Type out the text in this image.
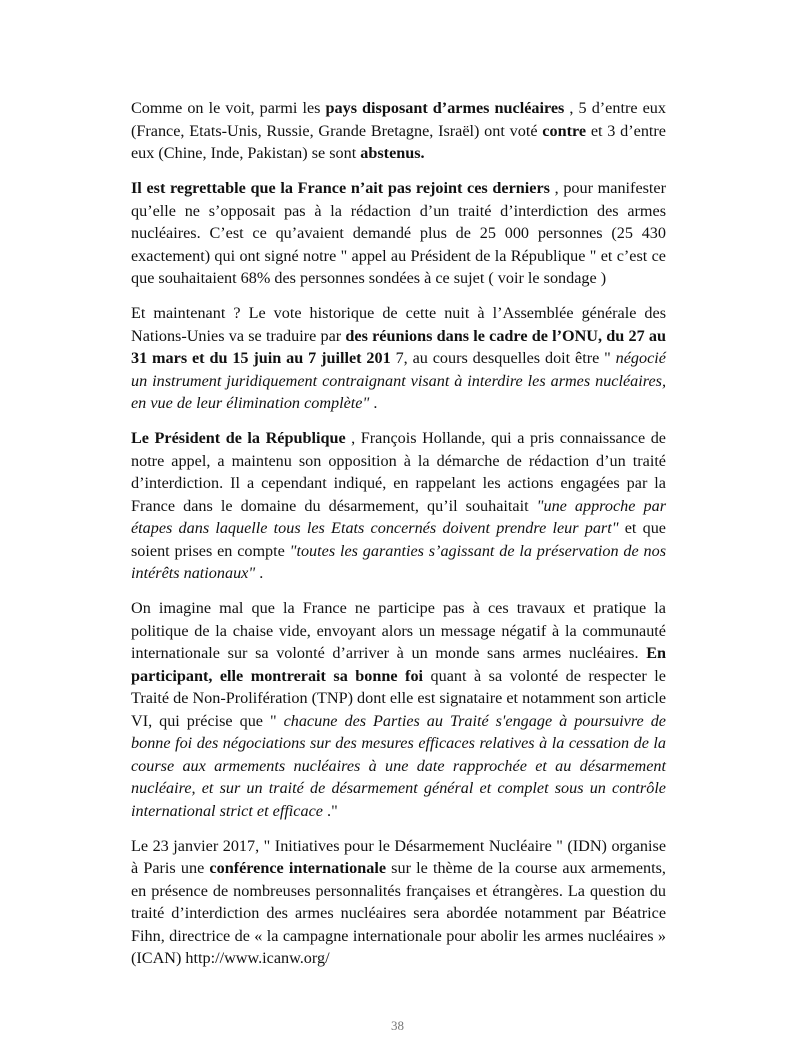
Comme on le voit, parmi les pays disposant d’armes nucléaires , 5 d’entre eux (France, Etats-Unis, Russie, Grande Bretagne, Israël) ont voté contre et 3 d’entre eux (Chine, Inde, Pakistan) se sont abstenus.

Il est regrettable que la France n’ait pas rejoint ces derniers , pour manifester qu’elle ne s’opposait pas à la rédaction d’un traité d’interdiction des armes nucléaires. C’est ce qu’avaient demandé plus de 25 000 personnes (25 430 exactement) qui ont signé notre " appel au Président de la République " et c’est ce que souhaitaient 68% des personnes sondées à ce sujet ( voir le sondage )

Et maintenant ? Le vote historique de cette nuit à l’Assemblée générale des Nations-Unies va se traduire par des réunions dans le cadre de l’ONU, du 27 au 31 mars et du 15 juin au 7 juillet 201 7, au cours desquelles doit être " négocié un instrument juridiquement contraignant visant à interdire les armes nucléaires, en vue de leur élimination complète" .

Le Président de la République , François Hollande, qui a pris connaissance de notre appel, a maintenu son opposition à la démarche de rédaction d’un traité d’interdiction. Il a cependant indiqué, en rappelant les actions engagées par la France dans le domaine du désarmement, qu’il souhaitait "une approche par étapes dans laquelle tous les Etats concernés doivent prendre leur part" et que soient prises en compte "toutes les garanties s’agissant de la préservation de nos intérêts nationaux" .

On imagine mal que la France ne participe pas à ces travaux et pratique la politique de la chaise vide, envoyant alors un message négatif à la communauté internationale sur sa volonté d’arriver à un monde sans armes nucléaires. En participant, elle montrerait sa bonne foi quant à sa volonté de respecter le Traité de Non-Prolifération (TNP) dont elle est signataire et notamment son article VI, qui précise que " chacune des Parties au Traité s'engage à poursuivre de bonne foi des négociations sur des mesures efficaces relatives à la cessation de la course aux armements nucléaires à une date rapprochée et au désarmement nucléaire, et sur un traité de désarmement général et complet sous un contrôle international strict et efficace ."

Le 23 janvier 2017, " Initiatives pour le Désarmement Nucléaire " (IDN) organise à Paris une conférence internationale sur le thème de la course aux armements, en présence de nombreuses personnalités françaises et étrangères. La question du traité d’interdiction des armes nucléaires sera abordée notamment par Béatrice Fihn, directrice de « la campagne internationale pour abolir les armes nucléaires » (ICAN) http://www.icanw.org/

38
